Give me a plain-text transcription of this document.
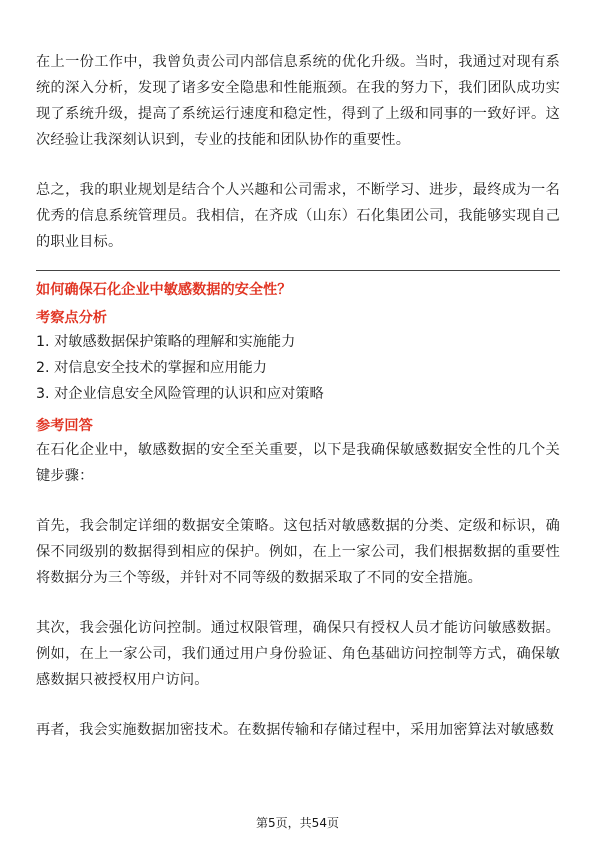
在上一份工作中，我曾负责公司内部信息系统的优化升级。当时，我通过对现有系统的深入分析，发现了诸多安全隐患和性能瓶颈。在我的努力下，我们团队成功实现了系统升级，提高了系统运行速度和稳定性，得到了上级和同事的一致好评。这次经验让我深刻认识到，专业的技能和团队协作的重要性。

总之，我的职业规划是结合个人兴趣和公司需求，不断学习、进步，最终成为一名优秀的信息系统管理员。我相信，在齐成（山东）石化集团公司，我能够实现自己的职业目标。

如何确保石化企业中敏感数据的安全性？

考察点分析

1 . 对敏感数据保护策略的理解和实施能力

2 . 对信息安全技术的掌握和应用能力

3 . 对企业信息安全风险管理的认识和应对策略

参考回答

在石化企业中，敏感数据的安全至关重要，以下是我确保敏感数据安全性的几个关键步骤：

首先，我会制定详细的数据安全策略。这包括对敏感数据的分类、定级和标识，确保不同级别的数据得到相应的保护。例如，在上一家公司，我们根据数据的重要性将数据分为三个等级，并针对不同等级的数据采取了不同的安全措施。

其次，我会强化访问控制。通过权限管理，确保只有授权人员才能访问敏感数据。例如，在上一家公司，我们通过用户身份验证、角色基础访问控制等方式，确保敏感数据只被授权用户访问。

再者，我会实施数据加密技术。在数据传输和存储过程中，采用加密算法对敏感数

第5页，共54页
